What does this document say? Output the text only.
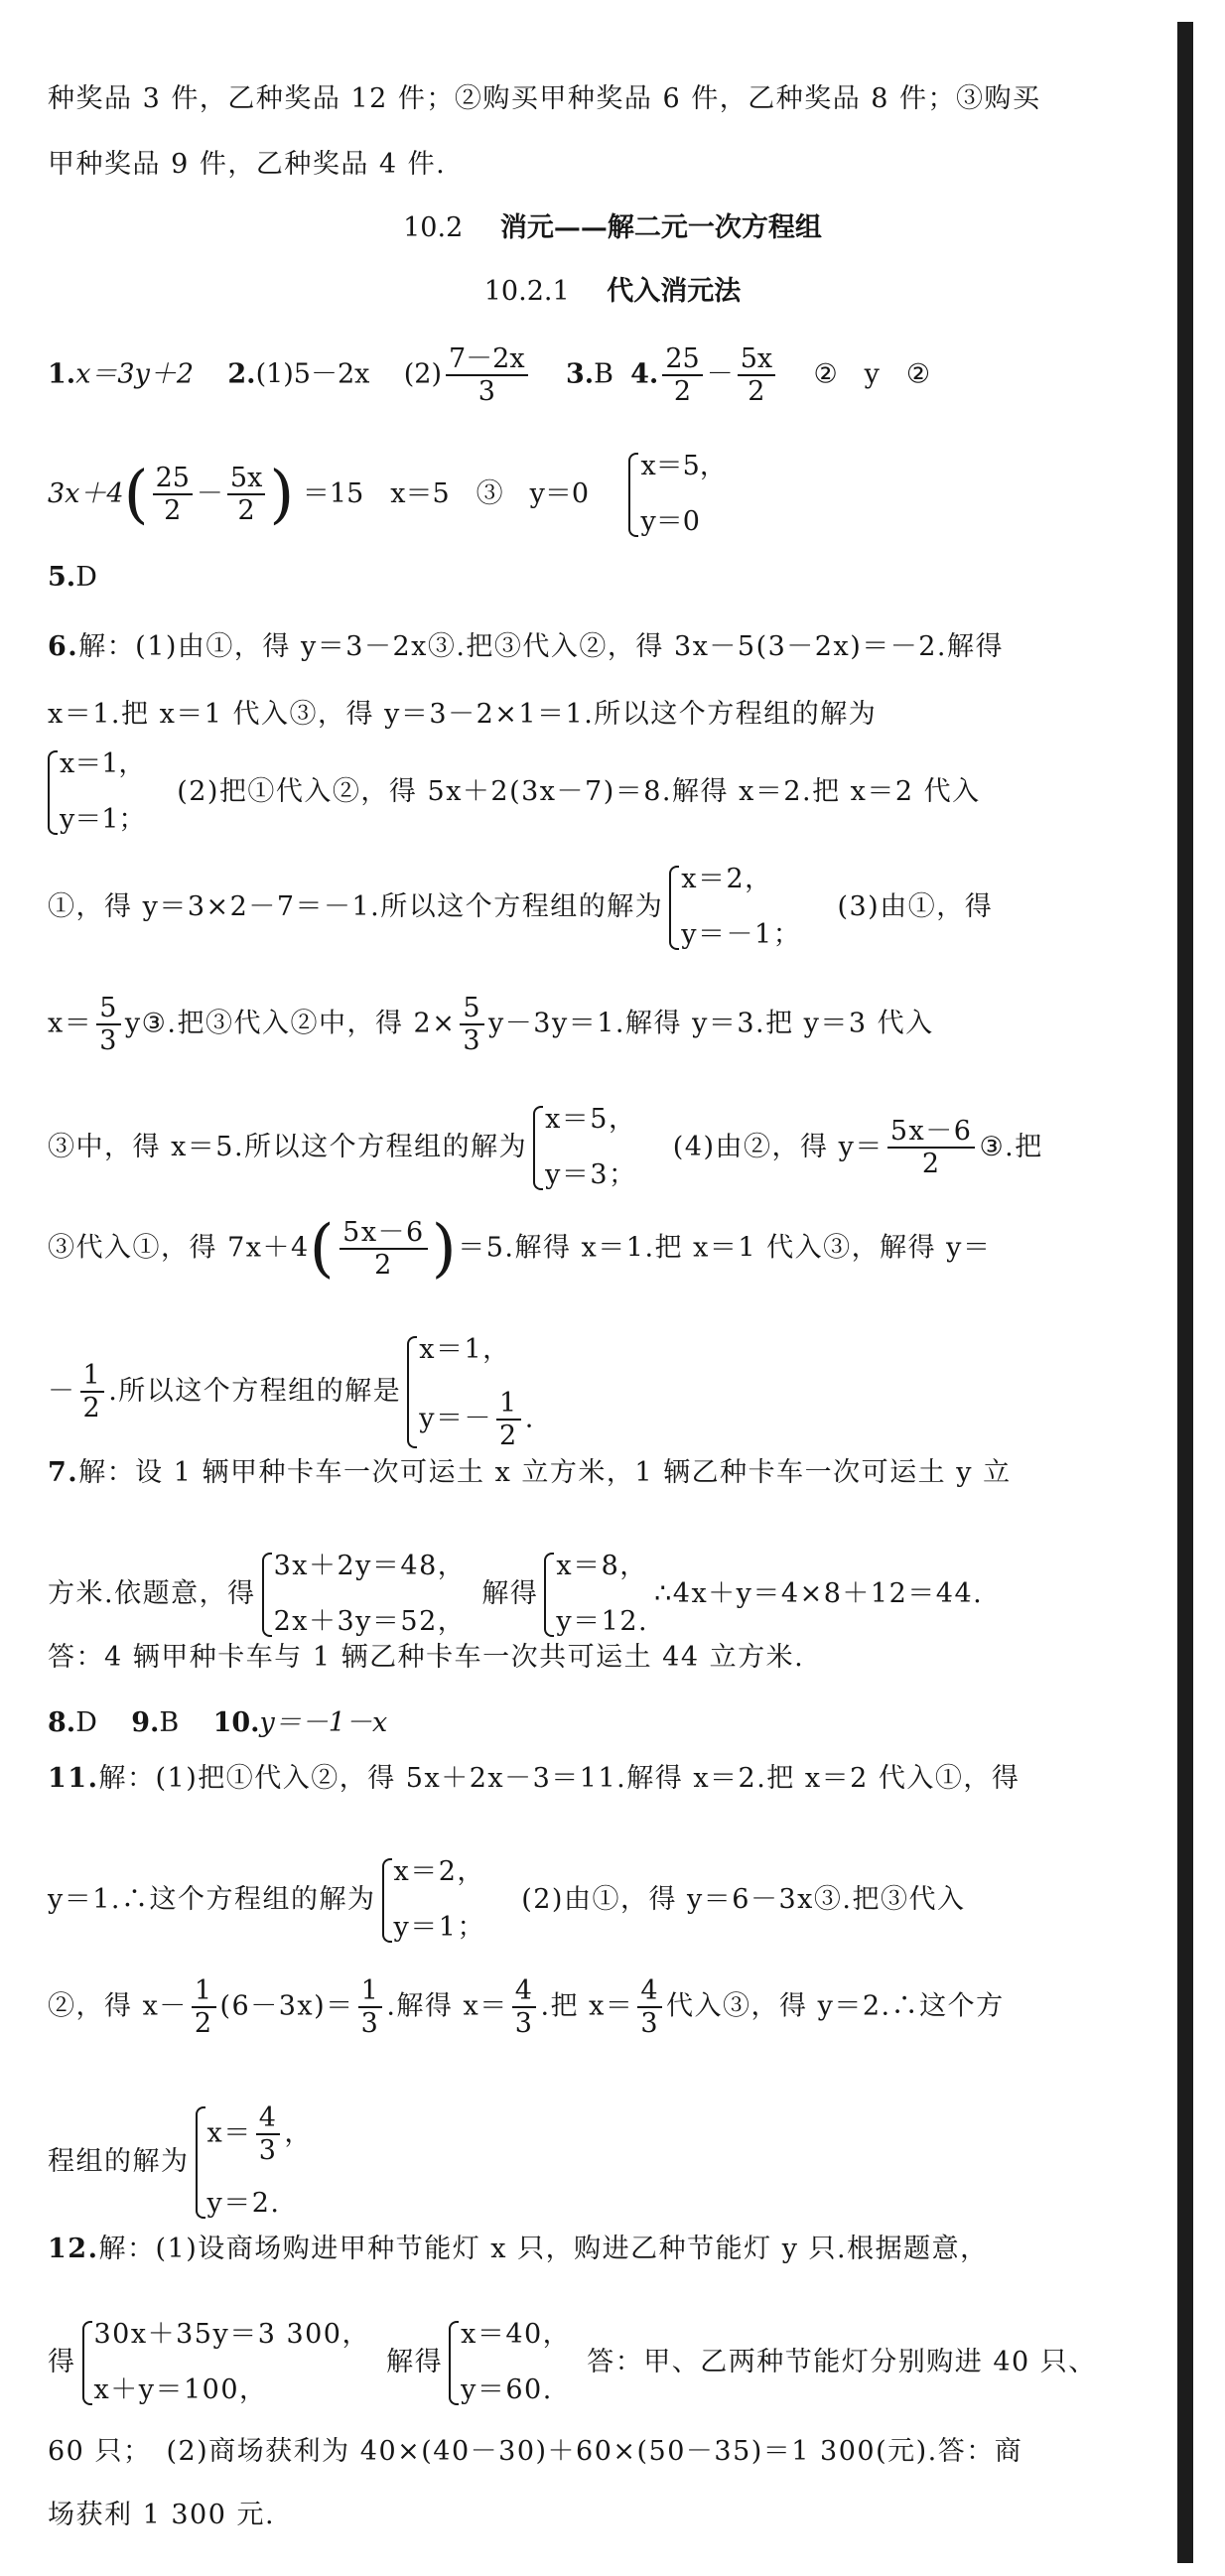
种奖品 3 件，乙种奖品 12 件；②购买甲种奖品 6 件，乙种奖品 8 件；③购买
甲种奖品 9 件，乙种奖品 4 件.
10.2 消元——解二元一次方程组
10.2.1 代入消元法
1.x＝3y＋2 2.(1)5－2x $(2) \frac{7-2x}{3} 3.B$ 4. $\frac{25}{2} - \frac{5x}{2}$ ②　y　②
$3x+4( \frac{25}{2} - \frac{5x}{2}$ ) ＝15　x＝5　③　y＝0
x＝5，
y＝0
5.D
6.解：(1)由①，得 y＝3－2x③.把③代入②，得 3x－5(3－2x)＝－2.解得
x＝1.把 x＝1 代入③，得 y＝3－2×1＝1.所以这个方程组的解为
x＝1，
y＝1；
(2)把①代入②，得 5x＋2(3x－7)＝8.解得 x＝2.把 x＝2 代入
①，得 y＝3×2－7＝－1.所以这个方程组的解为
x＝2，
y＝－1；
(3)由①，得
$x= \frac{5}{3}$ y③.把③代入②中，得 $2\times \frac{5}{3} y-3y=1$.解得 y＝3.把 y＝3 代入
③中，得 x＝5.所以这个方程组的解为
x＝5，
y＝3；
(4)由②，得 $y= \frac{5x-6}{2}$ ③.把
③代入①，得 $7x+4( \frac{5x-6}{2} )=5$.解得 x＝1.把 x＝1 代入③，解得 y＝
－ $\frac{1}{2}$ .所以这个方程组的解是
x＝1，
$y=- \frac{1}{2}$ .
7.解：设 1 辆甲种卡车一次可运土 x 立方米，1 辆乙种卡车一次可运土 y 立
方米.依题意，得
3x＋2y＝48，
2x＋3y＝52，
解得
x＝8，
y＝12.
∴4x＋y＝4×8＋12＝44.
答：4 辆甲种卡车与 1 辆乙种卡车一次共可运土 44 立方米.
8.D 9.B 10.y＝－1－x
11.解：(1)把①代入②，得 5x＋2x－3＝11.解得 x＝2.把 x＝2 代入①，得
y＝1.∴这个方程组的解为
x＝2，
y＝1；
(2)由①，得 y＝6－3x③.把③代入
②，得 $x- \frac{1}{2} (6-3x)= \frac{1}{3}$ .解得 $x= \frac{4}{3}$ .把 $x= \frac{4}{3}$ 代入③，得 y＝2.∴这个方
程组的解为
$x= \frac{4}{3}$ ，
y＝2.
12.解：(1)设商场购进甲种节能灯 x 只，购进乙种节能灯 y 只.根据题意，
得
30x＋35y＝3 300，
x＋y＝100，
解得
x＝40，
y＝60.
答：甲、乙两种节能灯分别购进 40 只、
60 只；　(2)商场获利为 40×(40－30)＋60×(50－35)＝1 300(元).答：商
场获利 1 300 元.
